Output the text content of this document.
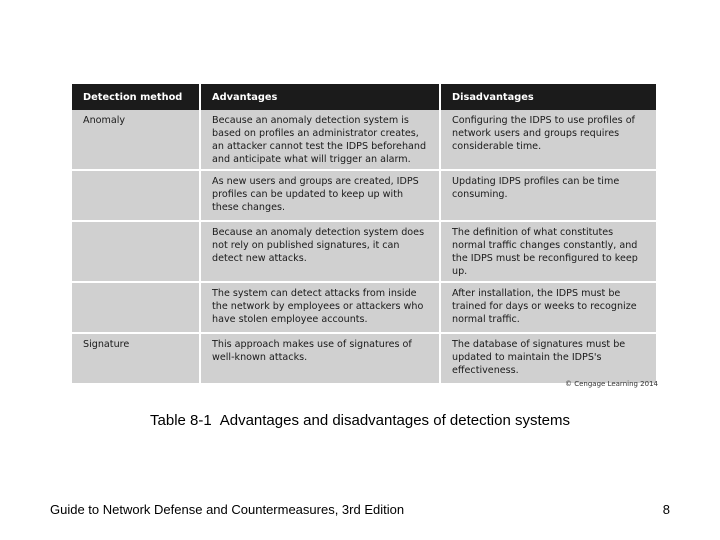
Detection method	Advantages	Disadvantages
Anomaly	Because an anomaly detection system is based on profiles an administrator creates, an attacker cannot test the IDPS beforehand and anticipate what will trigger an alarm.	Configuring the IDPS to use profiles of network users and groups requires considerable time.
	As new users and groups are created, IDPS profiles can be updated to keep up with these changes.	Updating IDPS profiles can be time consuming.
	Because an anomaly detection system does not rely on published signatures, it can detect new attacks.	The definition of what constitutes normal traffic changes constantly, and the IDPS must be reconfigured to keep up.
	The system can detect attacks from inside the network by employees or attackers who have stolen employee accounts.	After installation, the IDPS must be trained for days or weeks to recognize normal traffic.
Signature	This approach makes use of signatures of well-known attacks.	The database of signatures must be updated to maintain the IDPS's effectiveness.
© Cengage Learning 2014
Table 8-1 Advantages and disadvantages of detection systems
Guide to Network Defense and Countermeasures, 3rd Edition	8
